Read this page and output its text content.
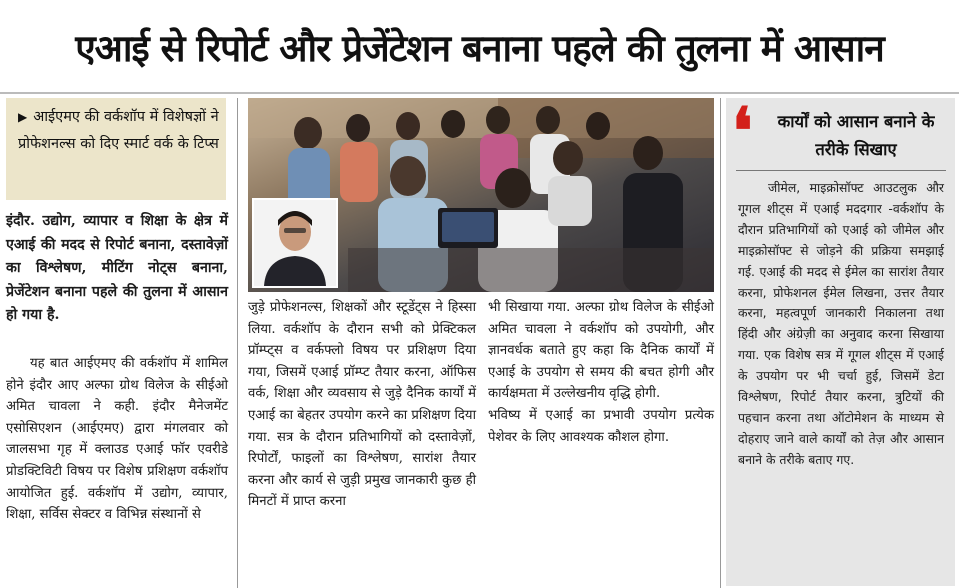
एआई से रिपोर्ट और प्रेजेंटेशन बनाना पहले की तुलना में आसान
▶ आईएमए की वर्कशॉप में विशेषज्ञों ने प्रोफेशनल्स को दिए स्मार्ट वर्क के टिप्स
इंदौर. उद्योग, व्यापार व शिक्षा के क्षेत्र में एआई की मदद से रिपोर्ट बनाना, दस्तावेज़ों का विश्लेषण, मीटिंग नोट्स बनाना, प्रेजेंटेशन बनाना पहले की तुलना में आसान हो गया है.

यह बात आईएमए की वर्कशॉप में शामिल होने इंदौर आए अल्फा ग्रोथ विलेज के सीईओ अमित चावला ने कही. इंदौर मैनेजमेंट एसोसिएशन (आईएमए) द्वारा मंगलवार को जालसभा गृह में क्लाउड एआई फॉर एवरीडे प्रोडक्टिविटी विषय पर विशेष प्रशिक्षण वर्कशॉप आयोजित हुई. वर्कशॉप में उद्योग, व्यापार, शिक्षा, सर्विस सेक्टर व विभिन्न संस्थानों से

जुड़े प्रोफेशनल्स, शिक्षकों और स्टूडेंट्स ने हिस्सा लिया. वर्कशॉप के दौरान सभी को प्रेक्टिकल प्रॉम्प्ट्स व वर्कफ्लो विषय पर प्रशिक्षण दिया गया, जिसमें एआई प्रॉम्प्ट तैयार करना, ऑफिस वर्क, शिक्षा और व्यवसाय से जुड़े दैनिक कार्यों में एआई का बेहतर उपयोग करने का प्रशिक्षण दिया गया. सत्र के दौरान प्रतिभागियों को दस्तावेज़ों, रिपोर्टों, फाइलों का विश्लेषण, सारांश तैयार करना और कार्य से जुड़ी प्रमुख जानकारी कुछ ही मिनटों में प्राप्त करना

भी सिखाया गया. अल्फा ग्रोथ विलेज के सीईओ अमित चावला ने वर्कशॉप को उपयोगी, और ज्ञानवर्धक बताते हुए कहा कि दैनिक कार्यों में एआई के उपयोग से समय की बचत होगी और कार्यक्षमता में उल्लेखनीय वृद्धि होगी.

भविष्य में एआई का प्रभावी उपयोग प्रत्येक पेशेवर के लिए आवश्यक कौशल होगा.

❛	कार्यों को आसान बनाने के तरीके सिखाए
जीमेल, माइक्रोसॉफ्ट आउटलुक और गूगल शीट्स में एआई मददगार -वर्कशॉप के दौरान प्रतिभागियों को एआई को जीमेल और माइक्रोसॉफ्ट से जोड़ने की प्रक्रिया समझाई गई. एआई की मदद से ईमेल का सारांश तैयार करना, प्रोफेशनल ईमेल लिखना, उत्तर तैयार करना, महत्वपूर्ण जानकारी निकालना तथा हिंदी और अंग्रेज़ी का अनुवाद करना सिखाया गया. एक विशेष सत्र में गूगल शीट्स में एआई के उपयोग पर भी चर्चा हुई, जिसमें डेटा विश्लेषण, रिपोर्ट तैयार करना, त्रुटियों की पहचान करना तथा ऑटोमेशन के माध्यम से दोहराए जाने वाले कार्यों को तेज़ और आसान बनाने के तरीके बताए गए.
